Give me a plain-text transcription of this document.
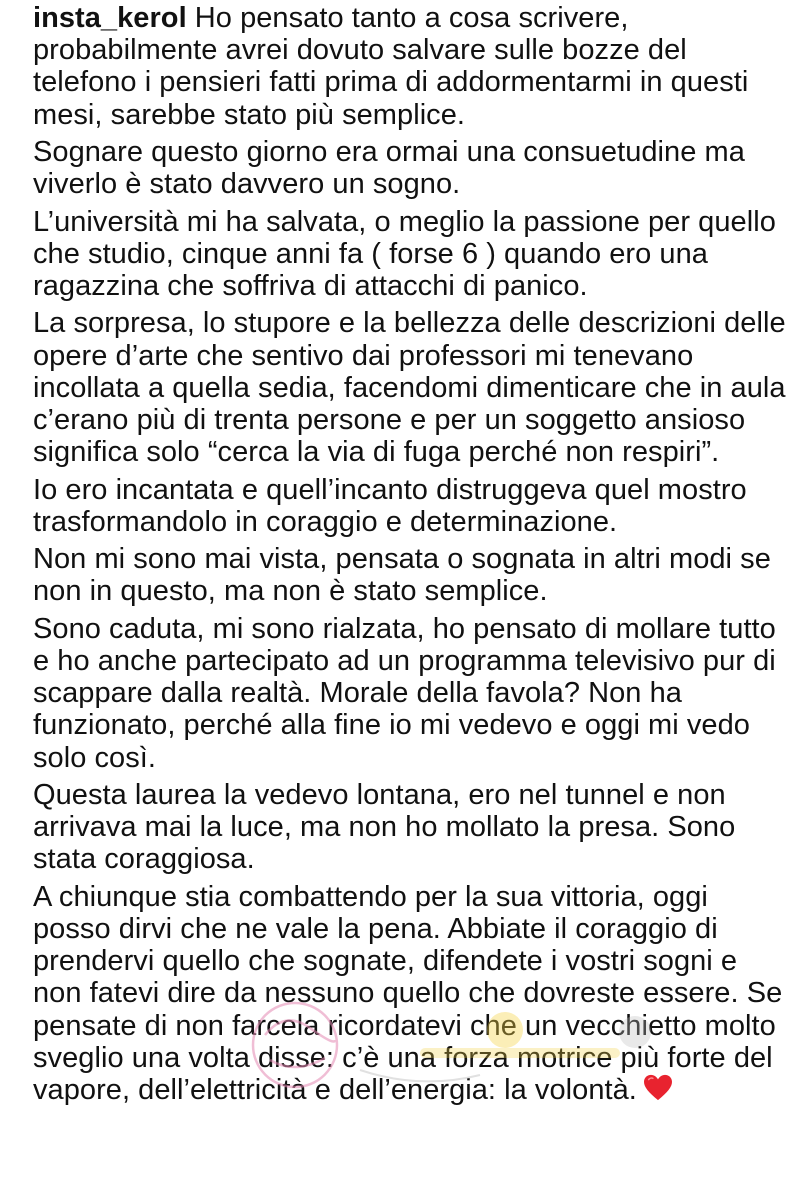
insta_kerol Ho pensato tanto a cosa scrivere, probabilmente avrei dovuto salvare sulle bozze del telefono i pensieri fatti prima di addormentarmi in questi mesi, sarebbe stato più semplice.

Sognare questo giorno era ormai una consuetudine ma viverlo è stato davvero un sogno.

L’università mi ha salvata, o meglio la passione per quello che studio, cinque anni fa ( forse 6 ) quando ero una ragazzina che soffriva di attacchi di panico.

La sorpresa, lo stupore e la bellezza delle descrizioni delle opere d’arte che sentivo dai professori mi tenevano incollata a quella sedia, facendomi dimenticare che in aula c’erano più di trenta persone e per un soggetto ansioso significa solo “cerca la via di fuga perché non respiri”.

Io ero incantata e quell’incanto distruggeva quel mostro trasformandolo in coraggio e determinazione.

Non mi sono mai vista, pensata o sognata in altri modi se non in questo, ma non è stato semplice.

Sono caduta, mi sono rialzata, ho pensato di mollare tutto e ho anche partecipato ad un programma televisivo pur di scappare dalla realtà. Morale della favola? Non ha funzionato, perché alla fine io mi vedevo e oggi mi vedo solo così.

Questa laurea la vedevo lontana, ero nel tunnel e non arrivava mai la luce, ma non ho mollato la presa. Sono stata coraggiosa.

A chiunque stia combattendo per la sua vittoria, oggi posso dirvi che ne vale la pena. Abbiate il coraggio di prendervi quello che sognate, difendete i vostri sogni e non fatevi dire da nessuno quello che dovreste essere. Se pensate di non farcela ricordatevi che un vecchietto molto sveglio una volta disse: c’è una forza motrice più forte del vapore, dell’elettricità e dell’energia: la volontà.
